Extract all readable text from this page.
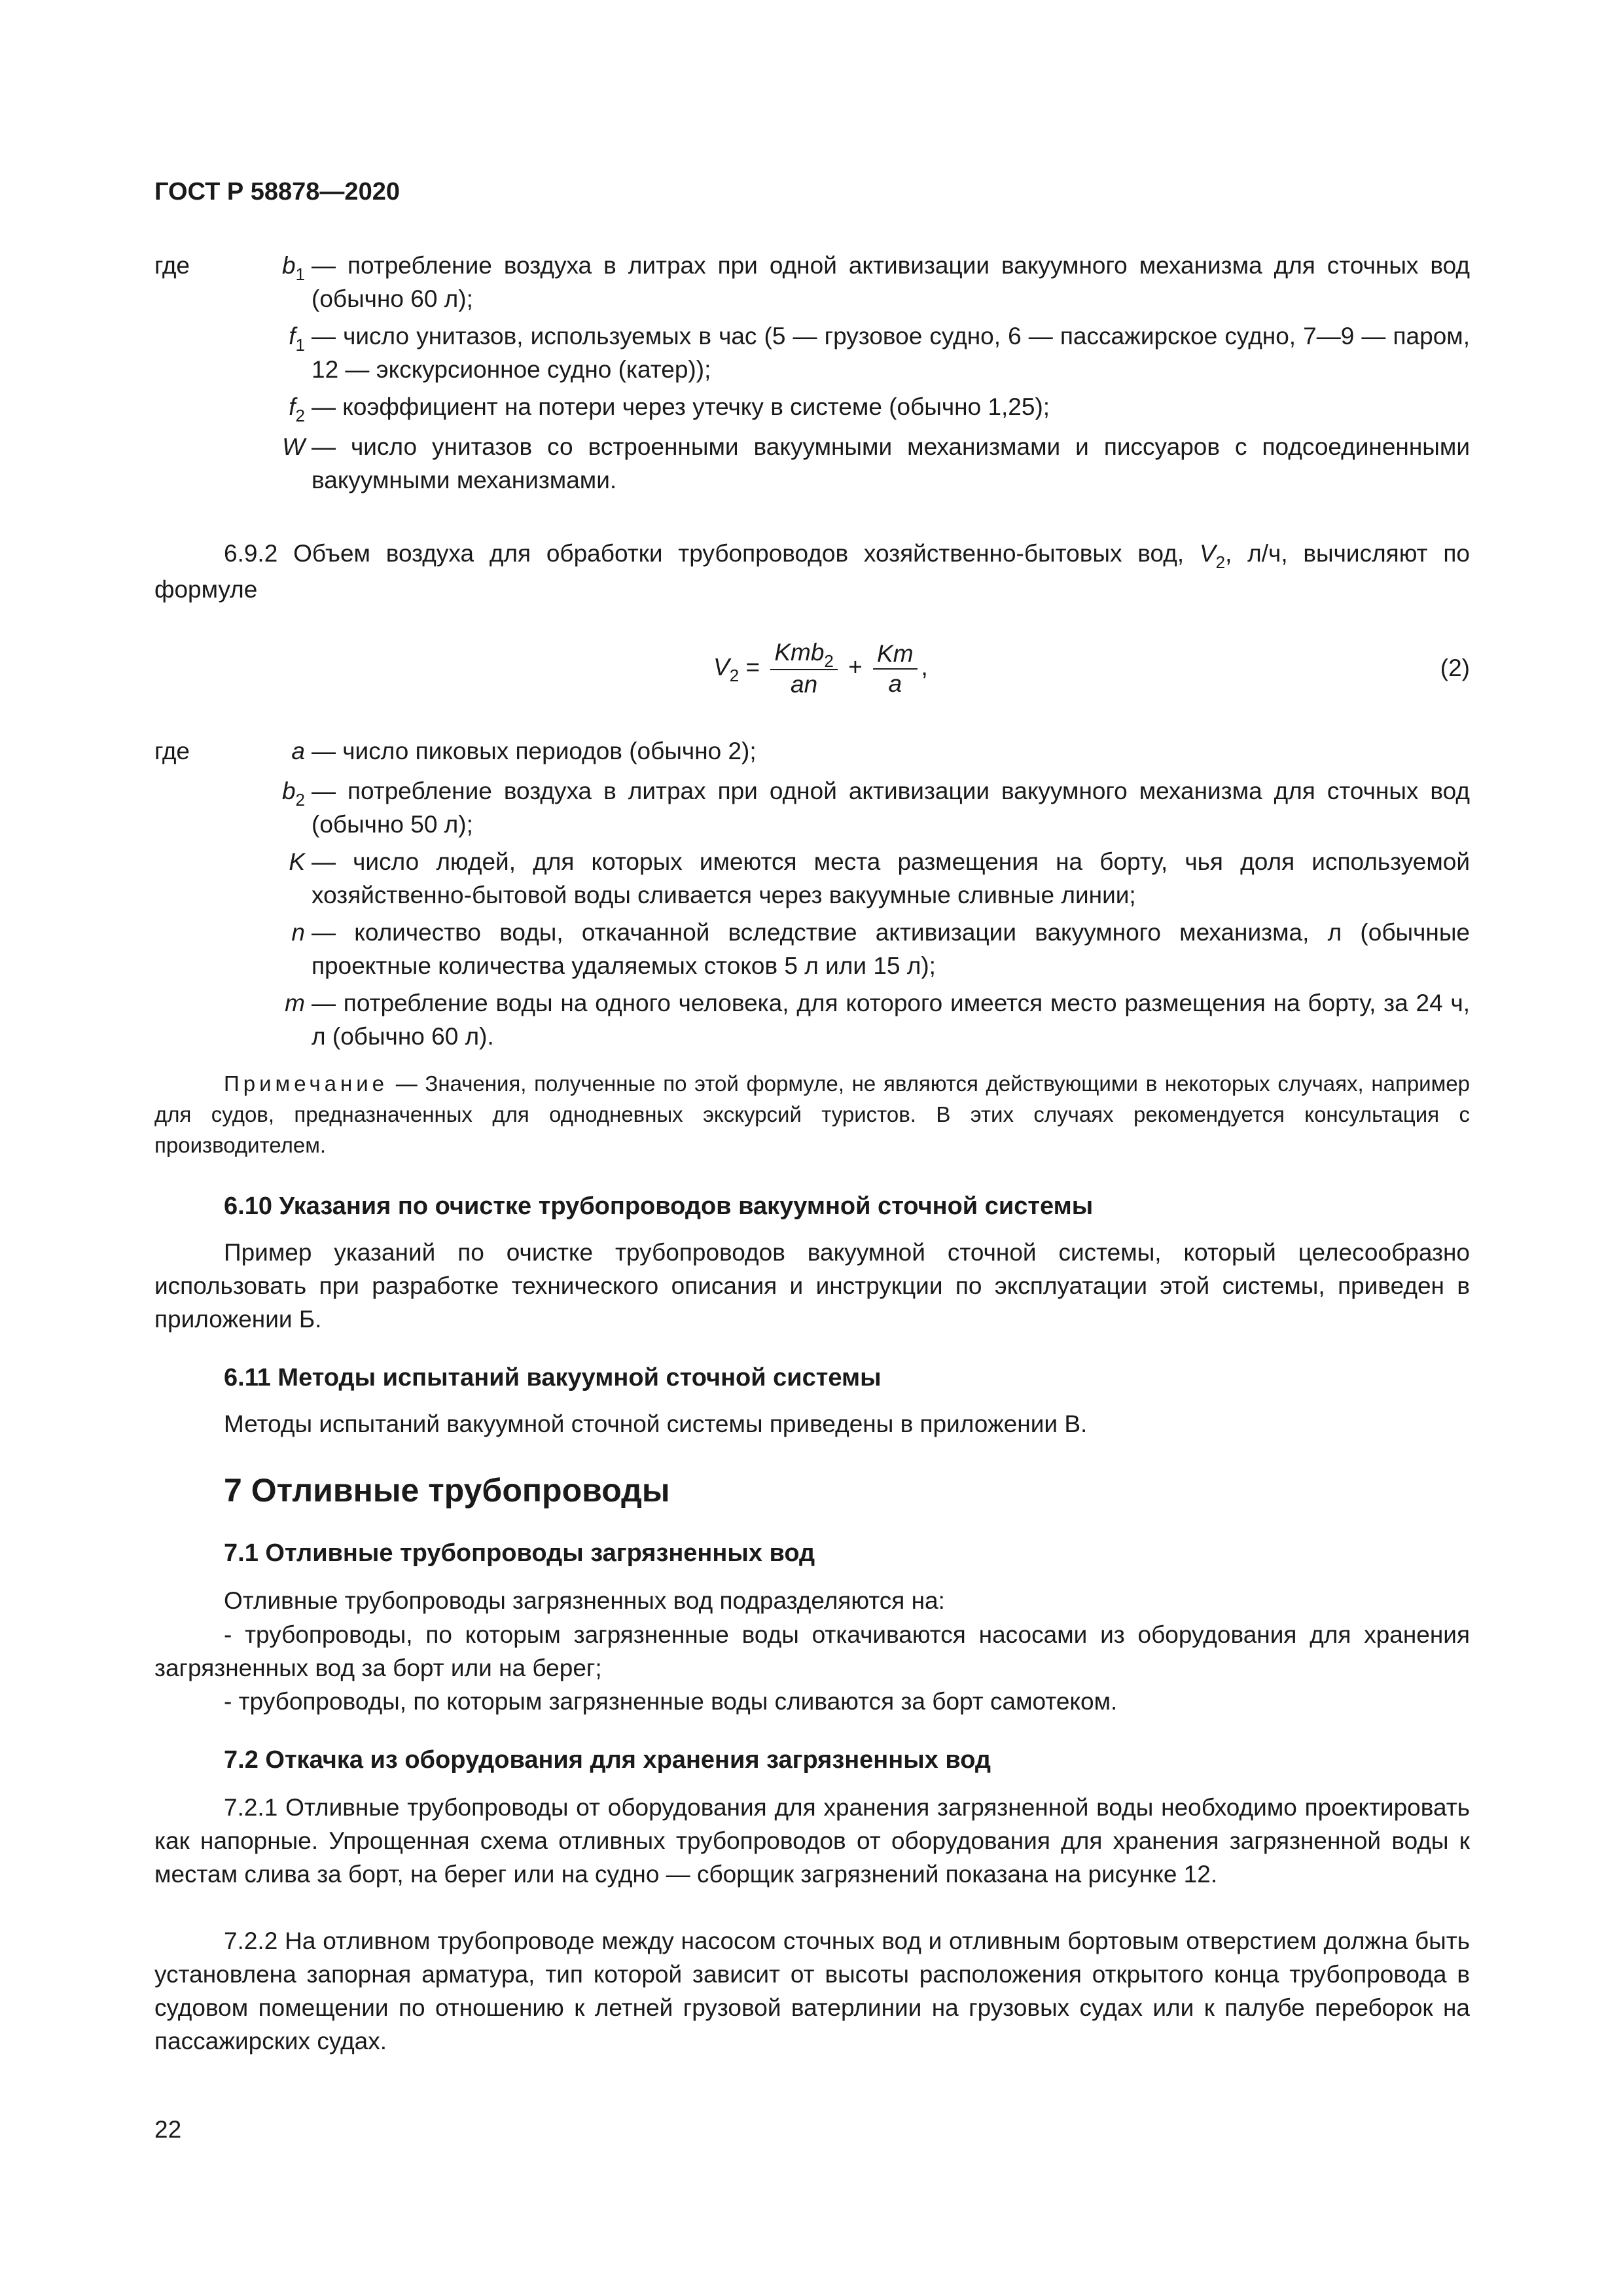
ГОСТ Р 58878—2020
где	$b_1$ — потребление воздуха в литрах при одной активизации вакуумного механизма для сточных вод (обычно 60 л);
$f_1$ — число унитазов, используемых в час (5 — грузовое судно, 6 — пассажирское судно, 7—9 — паром, 12 — экскурсионное судно (катер));
$f_2$ — коэффициент на потери через утечку в системе (обычно 1,25);
W — число унитазов со встроенными вакуумными механизмами и писсуаров с подсоединенными вакуумными механизмами.
6.9.2 Объем воздуха для обработки трубопроводов хозяйственно-бытовых вод, $V_2$, л/ч, вычисляют по формуле
$V_2 = \frac{Kmb_2}{an} + \frac{Km}{a}$ ,	(2)
где	a — число пиковых периодов (обычно 2);
$b_2$ — потребление воздуха в литрах при одной активизации вакуумного механизма для сточных вод (обычно 50 л);
K — число людей, для которых имеются места размещения на борту, чья доля используемой хозяйственно-бытовой воды сливается через вакуумные сливные линии;
n — количество воды, откачанной вследствие активизации вакуумного механизма, л (обычные проектные количества удаляемых стоков 5 л или 15 л);
m — потребление воды на одного человека, для которого имеется место размещения на борту, за 24 ч, л (обычно 60 л).
Примечание — Значения, полученные по этой формуле, не являются действующими в некоторых случаях, например для судов, предназначенных для однодневных экскурсий туристов. В этих случаях рекомендуется консультация с производителем.
6.10 Указания по очистке трубопроводов вакуумной сточной системы
Пример указаний по очистке трубопроводов вакуумной сточной системы, который целесообразно использовать при разработке технического описания и инструкции по эксплуатации этой системы, приведен в приложении Б.
6.11 Методы испытаний вакуумной сточной системы
Методы испытаний вакуумной сточной системы приведены в приложении В.
7 Отливные трубопроводы
7.1 Отливные трубопроводы загрязненных вод
Отливные трубопроводы загрязненных вод подразделяются на:
- трубопроводы, по которым загрязненные воды откачиваются насосами из оборудования для хранения загрязненных вод за борт или на берег;
- трубопроводы, по которым загрязненные воды сливаются за борт самотеком.
7.2 Откачка из оборудования для хранения загрязненных вод
7.2.1 Отливные трубопроводы от оборудования для хранения загрязненной воды необходимо проектировать как напорные. Упрощенная схема отливных трубопроводов от оборудования для хранения загрязненной воды к местам слива за борт, на берег или на судно — сборщик загрязнений показана на рисунке 12.
7.2.2 На отливном трубопроводе между насосом сточных вод и отливным бортовым отверстием должна быть установлена запорная арматура, тип которой зависит от высоты расположения открытого конца трубопровода в судовом помещении по отношению к летней грузовой ватерлинии на грузовых судах или к палубе переборок на пассажирских судах.
22
